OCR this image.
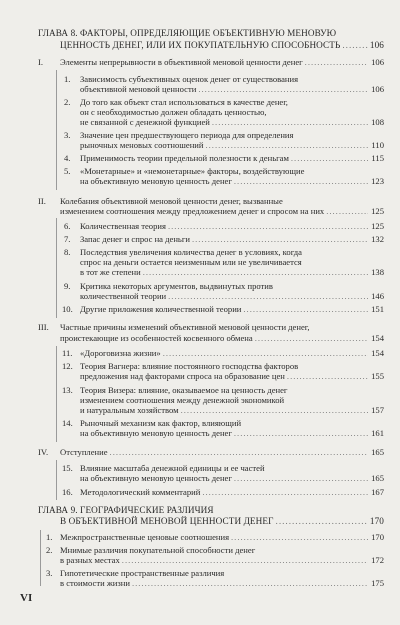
ГЛАВА 8. ФАКТОРЫ, ОПРЕДЕЛЯЮЩИЕ ОБЪЕКТИВНУЮ МЕНОВУЮ
ЦЕННОСТЬ ДЕНЕГ, ИЛИ ИХ ПОКУПАТЕЛЬНУЮ СПОСОБНОСТЬ .....	106
I. Элементы непрерывности в объективной меновой ценности денег .....	106
1. Зависимость субъективных оценок денег от существования
объективной меновой ценности .....	106
2. До того как объект стал использоваться в качестве денег,
он с необходимостью должен обладать ценностью,
не связанной с денежной функцией .....	108
3. Значение цен предшествующего периода для определения
рыночных меновых соотношений .....	110
4. Применимость теории предельной полезности к деньгам .....	115
5. «Монетарные» и «немонетарные» факторы, воздействующие
на объективную меновую ценность денег .....	123
II. Колебания объективной меновой ценности денег, вызванные
изменением соотношения между предложением денег и спросом на них .....	125
6. Количественная теория .....	125
7. Запас денег и спрос на деньги .....	132
8. Последствия увеличения количества денег в условиях, когда
спрос на деньги остается неизменным или не увеличивается
в тот же степени .....	138
9. Критика некоторых аргументов, выдвинутых против
количественной теории .....	146
10. Другие приложения количественной теории .....	151
III. Частные причины изменений объективной меновой ценности денег,
проистекающие из особенностей косвенного обмена .....	154
11. «Дороговизна жизни» .....	154
12. Теория Вагнера: влияние постоянного господства факторов
предложения над факторами спроса на образование цен .....	155
13. Теория Визера: влияние, оказываемое на ценность денег
изменением соотношения между денежной экономикой
и натуральным хозяйством .....	157
14. Рыночный механизм как фактор, влияющий
на объективную меновую ценность денег .....	161
IV. Отступление .....	165
15. Влияние масштаба денежной единицы и ее частей
на объективную меновую ценность денег .....	165
16. Методологический комментарий .....	167
ГЛАВА 9. ГЕОГРАФИЧЕСКИЕ РАЗЛИЧИЯ
В ОБЪЕКТИВНОЙ МЕНОВОЙ ЦЕННОСТИ ДЕНЕГ .....	170
1. Межпространственные ценовые соотношения .....	170
2. Мнимые различия покупательной способности денег
в разных местах .....	172
3. Гипотетические пространственные различия
в стоимости жизни .....	175
VI
